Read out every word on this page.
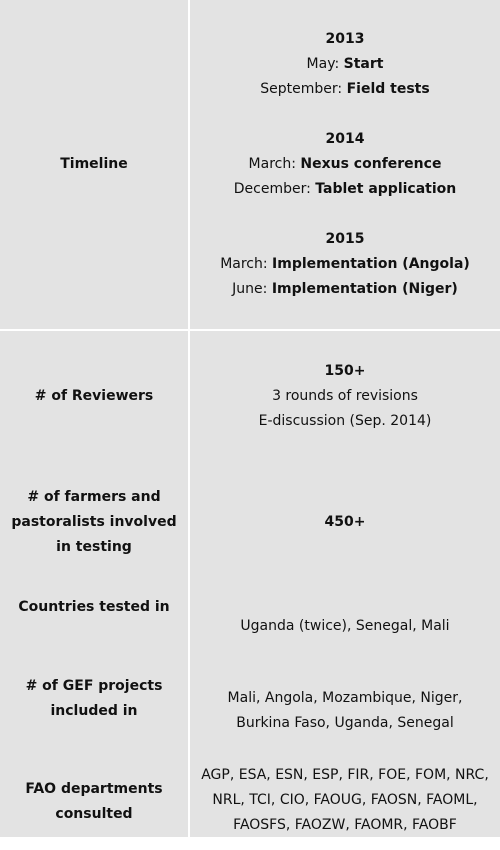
Timeline
2013
May: Start
September: Field tests
2014
March: Nexus conference
December: Tablet application
2015
March: Implementation (Angola)
June: Implementation (Niger)
# of Reviewers
150+
3 rounds of revisions
E-discussion (Sep. 2014)
# of farmers and
pastoralists involved
in testing
450+
Countries tested in
Uganda (twice), Senegal, Mali
# of GEF projects
included in
Mali, Angola, Mozambique, Niger,
Burkina Faso, Uganda, Senegal
FAO departments
consulted
AGP, ESA, ESN, ESP, FIR, FOE, FOM, NRC,
NRL, TCI, CIO, FAOUG, FAOSN, FAOML,
FAOSFS, FAOZW, FAOMR, FAOBF
